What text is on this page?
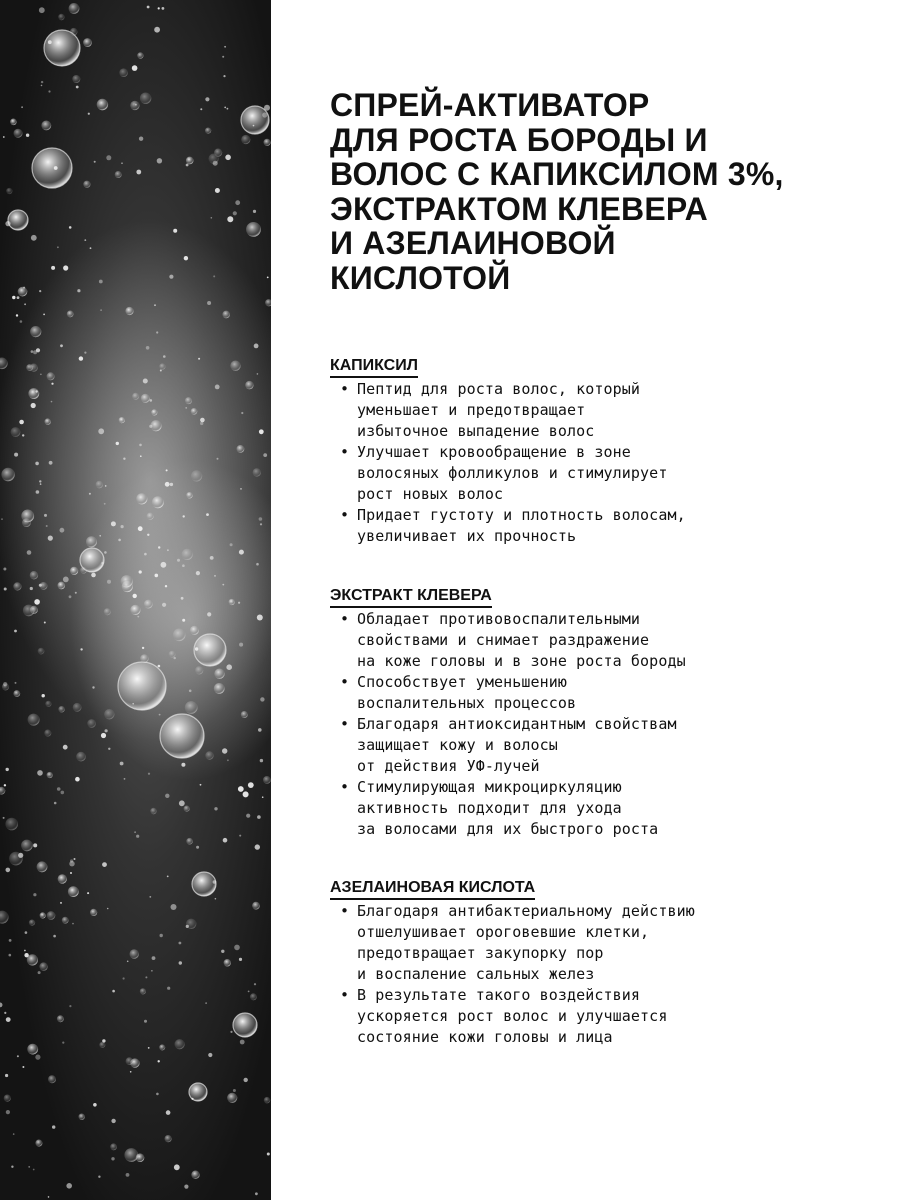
СПРЕЙ-АКТИВАТОР
ДЛЯ РОСТА БОРОДЫ И
ВОЛОС С КАПИКСИЛОМ 3%,
ЭКСТРАКТОМ КЛЕВЕРА
И АЗЕЛАИНОВОЙ
КИСЛОТОЙ
КАПИКСИЛ
• Пептид для роста волос, который
уменьшает и предотвращает
избыточное выпадение волос
• Улучшает кровообращение в зоне
волосяных фолликулов и стимулирует
рост новых волос
• Придает густоту и плотность волосам,
увеличивает их прочность
ЭКСТРАКТ КЛЕВЕРА
• Обладает противовоспалительными
свойствами и снимает раздражение
на коже головы и в зоне роста бороды
• Способствует уменьшению
воспалительных процессов
• Благодаря антиоксидантным свойствам
защищает кожу и волосы
от действия УФ-лучей
• Стимулирующая микроциркуляцию
активность подходит для ухода
за волосами для их быстрого роста
АЗЕЛАИНОВАЯ КИСЛОТА
• Благодаря антибактериальному действию
отшелушивает ороговевшие клетки,
предотвращает закупорку пор
и воспаление сальных желез
• В результате такого воздействия
ускоряется рост волос и улучшается
состояние кожи головы и лица
